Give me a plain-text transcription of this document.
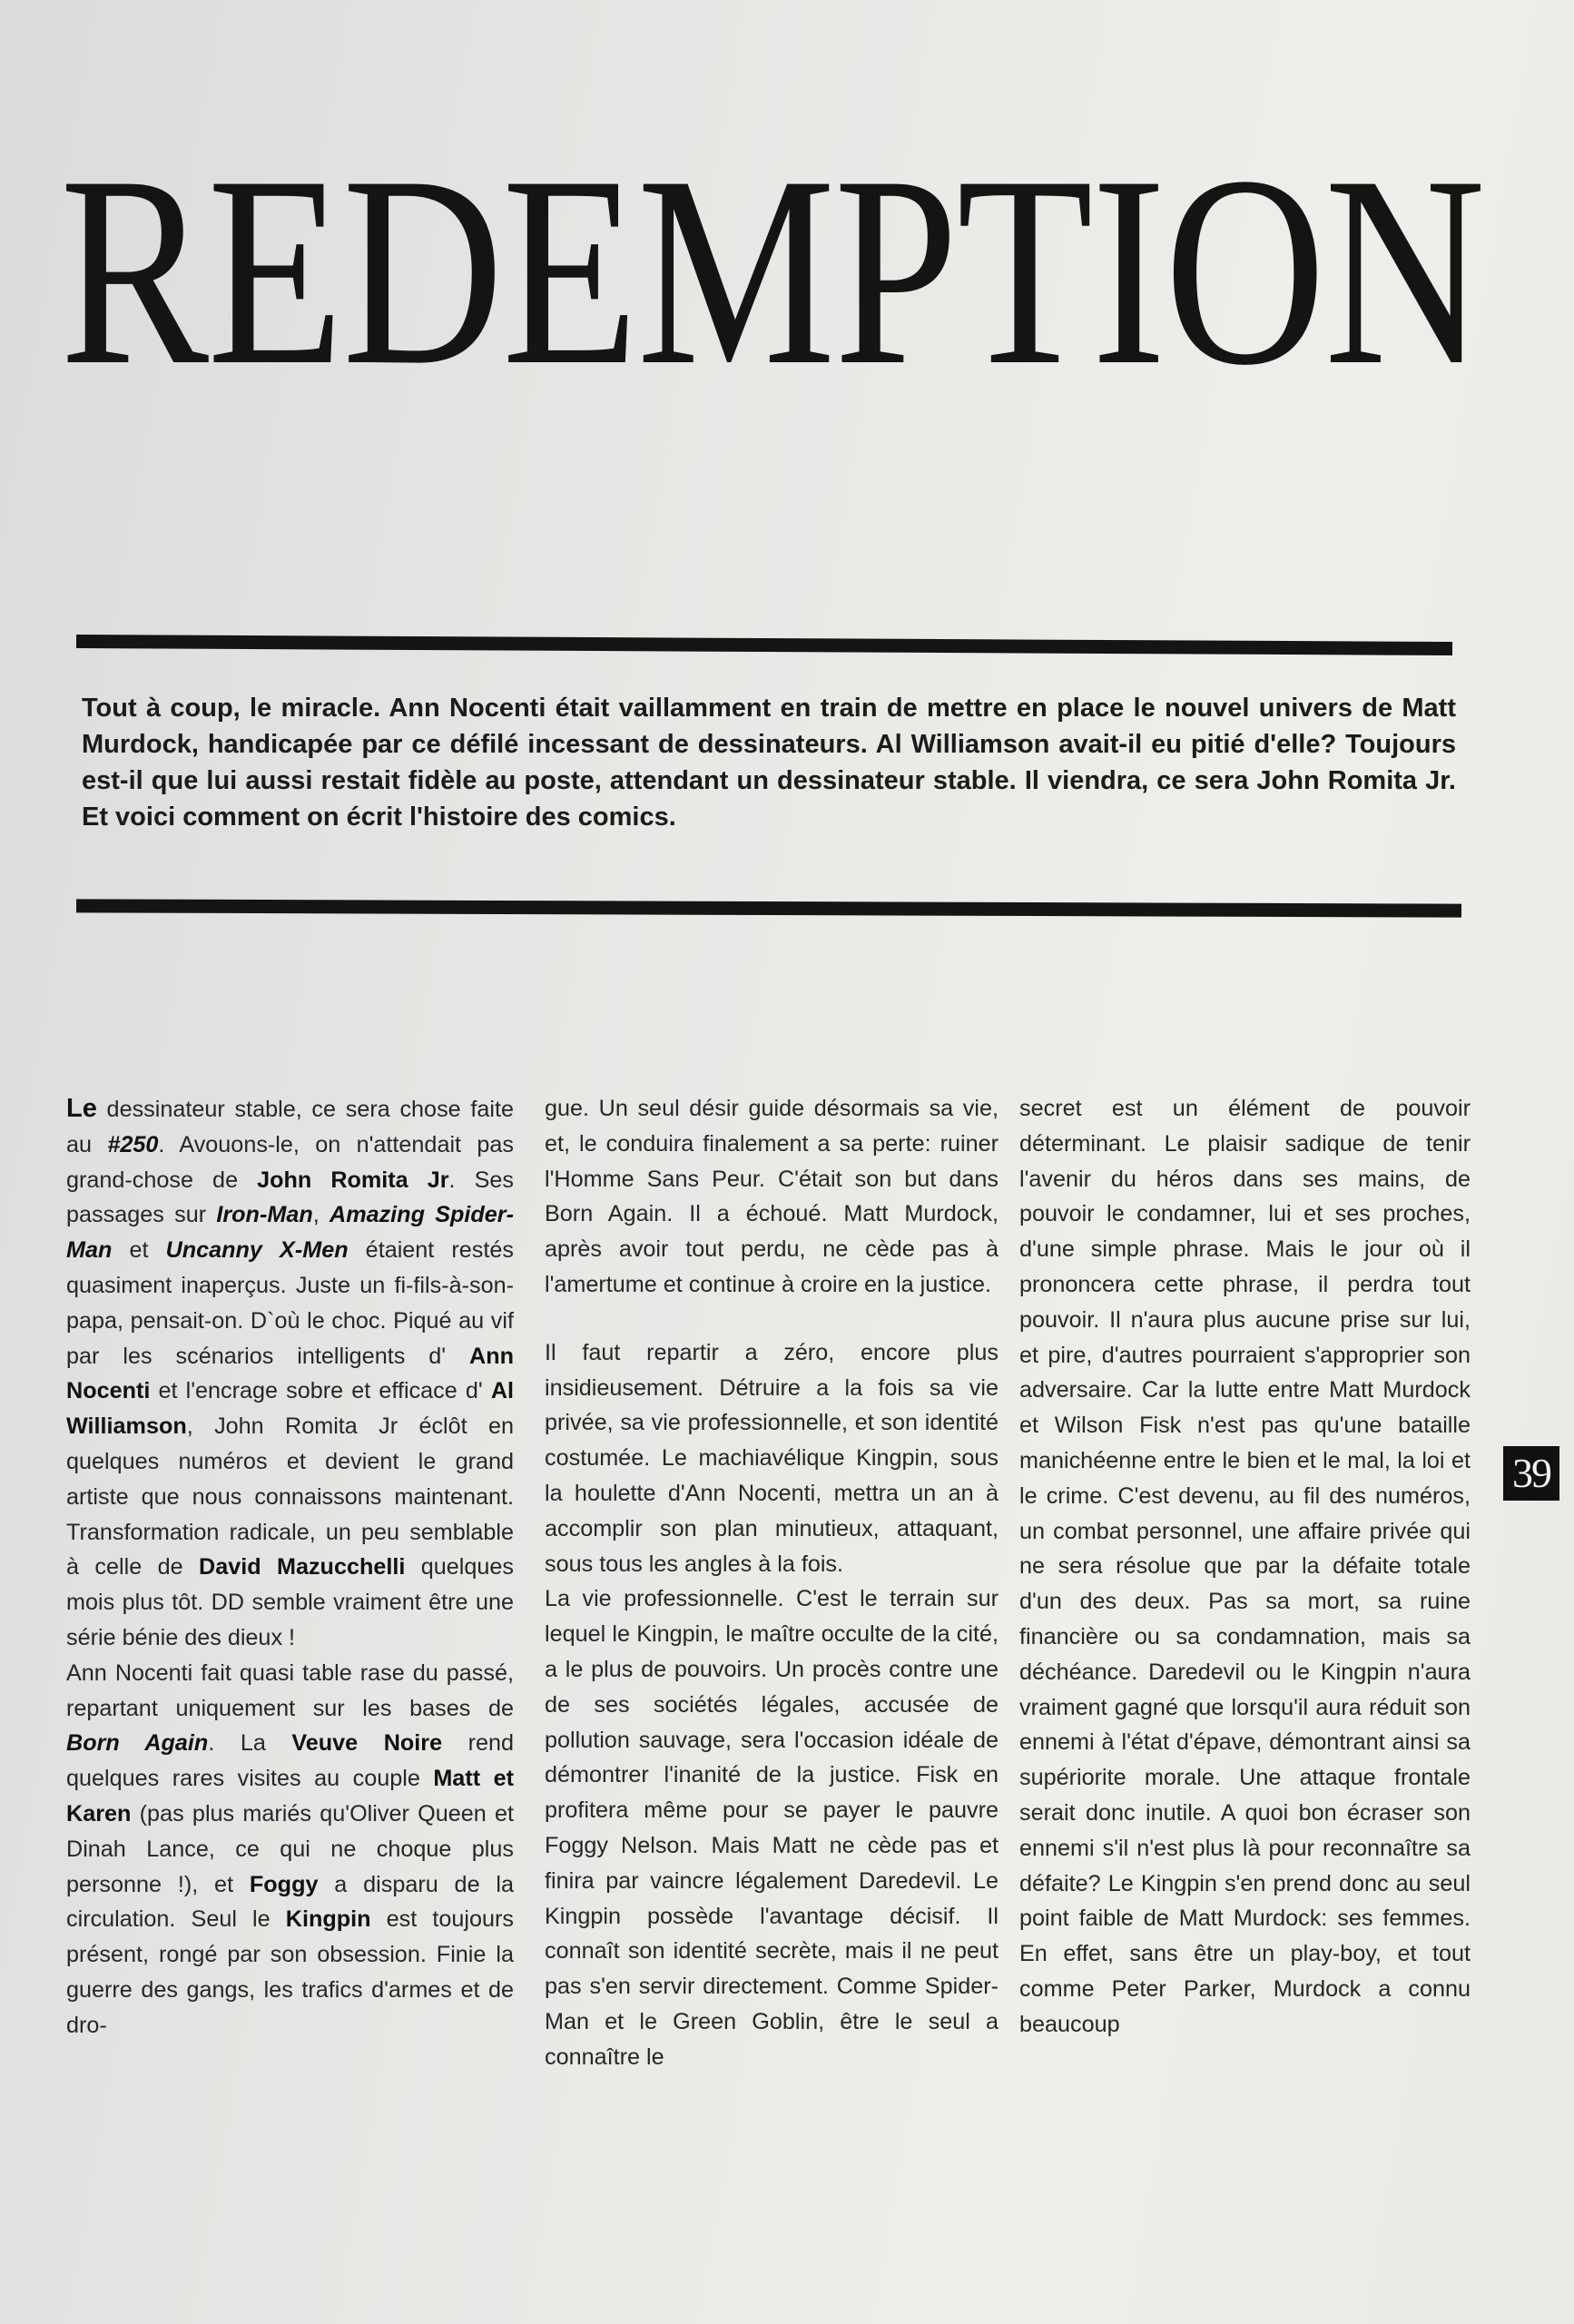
REDEMPTION

Tout à coup, le miracle. Ann Nocenti était vaillamment en train de mettre en place le nouvel univers de Matt Murdock, handicapée par ce défilé incessant de dessinateurs. Al Williamson avait-il eu pitié d'elle? Toujours est-il que lui aussi restait fidèle au poste, attendant un dessinateur stable. Il viendra, ce sera John Romita Jr. Et voici comment on écrit l'histoire des comics.

Le dessinateur stable, ce sera chose faite au #250. Avouons-le, on n'attendait pas grand-chose de John Romita Jr. Ses passages sur Iron-Man, Amazing Spider-Man et Uncanny X-Men étaient restés quasiment inaperçus. Juste un fi-fils-à-son-papa, pensait-on. D`où le choc. Piqué au vif par les scénarios intelligents d' Ann Nocenti et l'encrage sobre et efficace d' Al Williamson, John Romita Jr éclôt en quelques numéros et devient le grand artiste que nous connaissons maintenant. Transformation radicale, un peu semblable à celle de David Mazucchelli quelques mois plus tôt. DD semble vraiment être une série bénie des dieux !

Ann Nocenti fait quasi table rase du passé, repartant uniquement sur les bases de Born Again. La Veuve Noire rend quelques rares visites au couple Matt et Karen (pas plus mariés qu'Oliver Queen et Dinah Lance, ce qui ne choque plus personne !), et Foggy a disparu de la circulation. Seul le Kingpin est toujours présent, rongé par son obsession. Finie la guerre des gangs, les trafics d'armes et de dro-

gue. Un seul désir guide désormais sa vie, et, le conduira finalement a sa perte: ruiner l'Homme Sans Peur. C'était son but dans Born Again. Il a échoué. Matt Murdock, après avoir tout perdu, ne cède pas à l'amertume et continue à croire en la justice.

Il faut repartir a zéro, encore plus insidieusement. Détruire a la fois sa vie privée, sa vie professionnelle, et son identité costumée. Le machiavélique Kingpin, sous la houlette d'Ann Nocenti, mettra un an à accomplir son plan minutieux, attaquant, sous tous les angles à la fois.

La vie professionnelle. C'est le terrain sur lequel le Kingpin, le maître occulte de la cité, a le plus de pouvoirs. Un procès contre une de ses sociétés légales, accusée de pollution sauvage, sera l'occasion idéale de démontrer l'inanité de la justice. Fisk en profitera même pour se payer le pauvre Foggy Nelson. Mais Matt ne cède pas et finira par vaincre légalement Daredevil. Le Kingpin possède l'avantage décisif. Il connaît son identité secrète, mais il ne peut pas s'en servir directement. Comme Spider-Man et le Green Goblin, être le seul a connaître le

secret est un élément de pouvoir déterminant. Le plaisir sadique de tenir l'avenir du héros dans ses mains, de pouvoir le condamner, lui et ses proches, d'une simple phrase. Mais le jour où il prononcera cette phrase, il perdra tout pouvoir. Il n'aura plus aucune prise sur lui, et pire, d'autres pourraient s'approprier son adversaire. Car la lutte entre Matt Murdock et Wilson Fisk n'est pas qu'une bataille manichéenne entre le bien et le mal, la loi et le crime. C'est devenu, au fil des numéros, un combat personnel, une affaire privée qui ne sera résolue que par la défaite totale d'un des deux. Pas sa mort, sa ruine financière ou sa condamnation, mais sa déchéance. Daredevil ou le Kingpin n'aura vraiment gagné que lorsqu'il aura réduit son ennemi à l'état d'épave, démontrant ainsi sa supériorite morale. Une attaque frontale serait donc inutile. A quoi bon écraser son ennemi s'il n'est plus là pour reconnaître sa défaite? Le Kingpin s'en prend donc au seul point faible de Matt Murdock: ses femmes. En effet, sans être un play-boy, et tout comme Peter Parker, Murdock a connu beaucoup

39
